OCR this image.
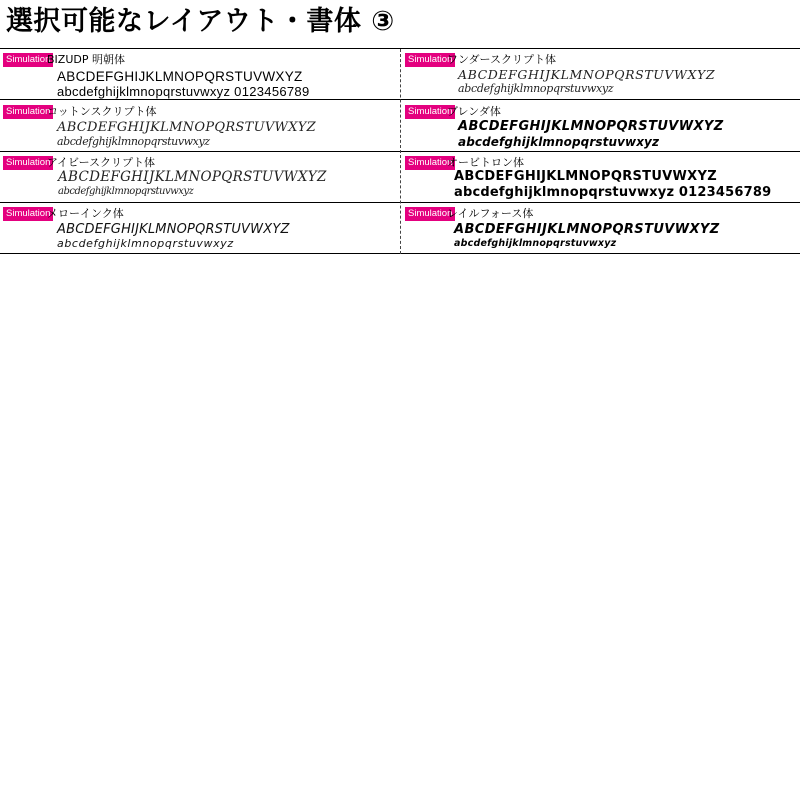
選択可能なレイアウト・書体 ③
Simulation
BIZUDP 明朝体
ABCDEFGHIJKLMNOPQRSTUVWXYZ
abcdefghijklmnopqrstuvwxyz 0123456789
Simulation
ワンダースクリプト体
ABCDEFGHIJKLMNOPQRSTUVWXYZ
abcdefghijklmnopqrstuvwxyz
Simulation
コットンスクリプト体
ABCDEFGHIJKLMNOPQRSTUVWXYZ
abcdefghijklmnopqrstuvwxyz
Simulation
ブレンダ体
ABCDEFGHIJKLMNOPQRSTUVWXYZ
abcdefghijklmnopqrstuvwxyz
Simulation
アイビースクリプト体
ABCDEFGHIJKLMNOPQRSTUVWXYZ
abcdefghijklmnopqrstuvwxyz
Simulation
オービトロン体
ABCDEFGHIJKLMNOPQRSTUVWXYZ
abcdefghijklmnopqrstuvwxyz 0123456789
Simulation
メローインク体
ABCDEFGHIJKLMNOPQRSTUVWXYZ
abcdefghijklmnopqrstuvwxyz
Simulation
レイルフォース体
ABCDEFGHIJKLMNOPQRSTUVWXYZ
abcdefghijklmnopqrstuvwxyz
